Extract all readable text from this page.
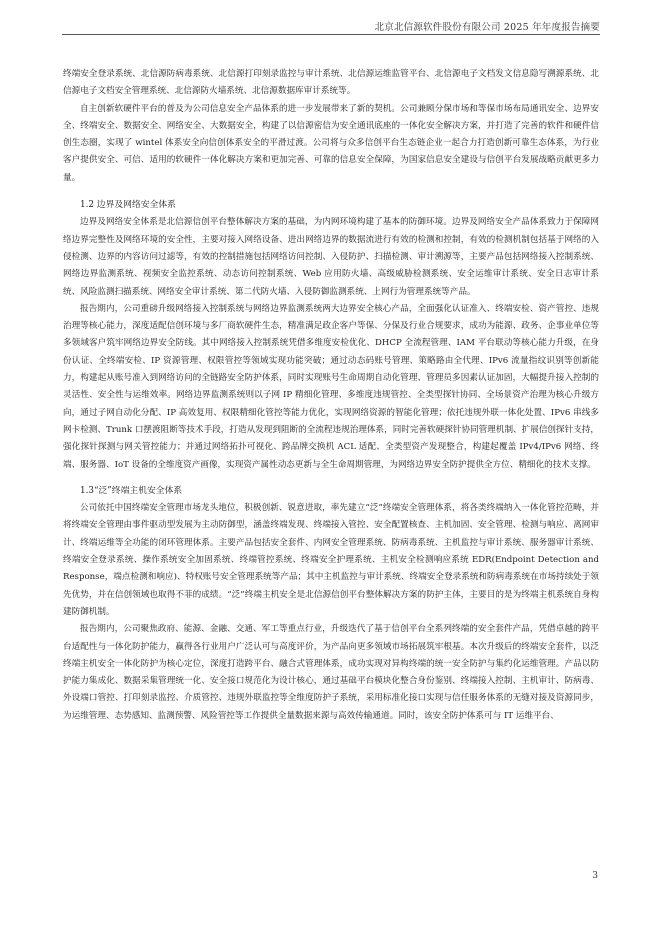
北京北信源软件股份有限公司 2025 年年度报告摘要

终端安全登录系统、北信源防病毒系统、北信源打印刻录监控与审计系统、北信源运维监管平台、北信源电子文档发文信息隐写溯源系统、北信源电子文档安全管理系统、北信源防火墙系统、北信源数据库审计系统等。

自主创新软硬件平台的普及为公司信息安全产品体系的进一步发展带来了新的契机。公司兼顾分保市场和等保市场布局通讯安全、边界安全、终端安全、数据安全、网络安全、大数据安全，构建了以信源密信为安全通讯底座的一体化安全解决方案，并打造了完善的软件和硬件信创生态圈，实现了 wintel 体系安全向信创体系安全的平滑过渡。公司将与众多信创平台生态链企业一起合力打造创新可靠生态体系，为行业客户提供安全、可信、适用的软硬件一体化解决方案和更加完善、可靠的信息安全保障，为国家信息安全建设与信创平台发展战略贡献更多力量。

1.2 边界及网络安全体系

边界及网络安全体系是北信源信创平台整体解决方案的基础，为内网环境构建了基本的防御环境。边界及网络安全产品体系致力于保障网络边界完整性及网络环境的安全性，主要对接入网络设备、进出网络边界的数据流进行有效的检测和控制，有效的检测机制包括基于网络的入侵检测、边界的内容访问过滤等，有效的控制措施包括网络访问控制、入侵防护、扫描检测、审计溯源等，主要产品包括网络接入控制系统、网络边界监测系统、视频安全监控系统、动态访问控制系统、Web 应用防火墙、高级威胁检测系统、安全运维审计系统、安全日志审计系统、风险监测扫描系统、网络安全审计系统、第二代防火墙、入侵防御监测系统、上网行为管理系统等产品。

报告期内，公司重磅升级网络接入控制系统与网络边界监测系统两大边界安全核心产品，全面强化认证准入、终端安检、资产管控、违规治理等核心能力，深度适配信创环境与多厂商软硬件生态，精准满足政企客户等保、分保及行业合规要求，成功为能源、政务、企事业单位等多领域客户筑牢网络边界安全防线。其中网络接入控制系统凭借多维度安检优化、DHCP 全流程管理、IAM 平台联动等核心能力升级，在身份认证、全终端安检、IP 资源管理、权限管控等领域实现功能突破；通过动态码账号管理、策略路由全代理、IPv6 流量指纹识别等创新能力，构建起从账号准入到网络访问的全链路安全防护体系，同时实现账号生命周期自动化管理、管理员多因素认证加固，大幅提升接入控制的灵活性、安全性与运维效率。网络边界监测系统则以子网 IP 精细化管理、多维度违规管控、全类型探针协同、全场景资产治理为核心升级方向，通过子网自动化分配、IP 高效复用、权限精细化管控等能力优化，实现网络资源的智能化管理；依托违规外联一体化处置、IPv6 串线多网卡检测、Trunk 口摆渡阻断等技术手段，打造从发现到阻断的全流程违规治理体系，同时完善软硬探针协同管理机制、扩展信创探针支持，强化探针探测与网关管控能力；并通过网络拓扑可视化、跨品牌交换机 ACL 适配、全类型资产发现整合，构建起覆盖 IPv4/IPv6 网络、终端、服务器、IoT 设备的全维度资产画像，实现资产属性动态更新与全生命周期管理，为网络边界安全防护提供全方位、精细化的技术支撑。

1.3“泛”终端主机安全体系

公司依托中国终端安全管理市场龙头地位，积极创新、锐意进取，率先建立“泛”终端安全管理体系，将各类终端纳入一体化管控范畴，并将终端安全管理由事件驱动型发展为主动防御型，涵盖终端发现、终端接入管控、安全配置核查、主机加固、安全管理、检测与响应、离网审计、终端运维等全功能的闭环管理体系。主要产品包括安全套件、内网安全管理系统、防病毒系统、主机监控与审计系统、服务器审计系统、终端安全登录系统、操作系统安全加固系统、终端管控系统、终端安全护理系统、主机安全检测响应系统 EDR(Endpoint Detection and Response，端点检测和响应)、特权账号安全管理系统等产品；其中主机监控与审计系统、终端安全登录系统和防病毒系统在市场持续处于领先优势，并在信创领域也取得不菲的成绩。“泛”终端主机安全是北信源信创平台整体解决方案的防护主体，主要目的是为终端主机系统自身构建防御机制。

报告期内，公司聚焦政府、能源、金融、交通、军工等重点行业，升级迭代了基于信创平台全系列终端的安全套件产品，凭借卓越的跨平台适配性与一体化防护能力，赢得各行业用户广泛认可与高度评价，为产品向更多领域市场拓展筑牢根基。本次升级后的终端安全套件，以泛终端主机安全一体化防护为核心定位，深度打造跨平台、融合式管理体系，成功实现对异构终端的统一安全防护与集约化运维管理。产品以防护能力集成化、数据采集管理统一化、安全接口规范化为设计核心，通过基础平台模块化整合身份鉴别、终端接入控制、主机审计、防病毒、外设端口管控、打印刻录监控、介质管控、违规外联监控等全维度防护子系统，采用标准化接口实现与信任服务体系的无缝对接及资源同步，为运维管理、态势感知、监测预警、风险管控等工作提供全量数据来源与高效传输通道。同时，该安全防护体系可与 IT 运维平台、

3
